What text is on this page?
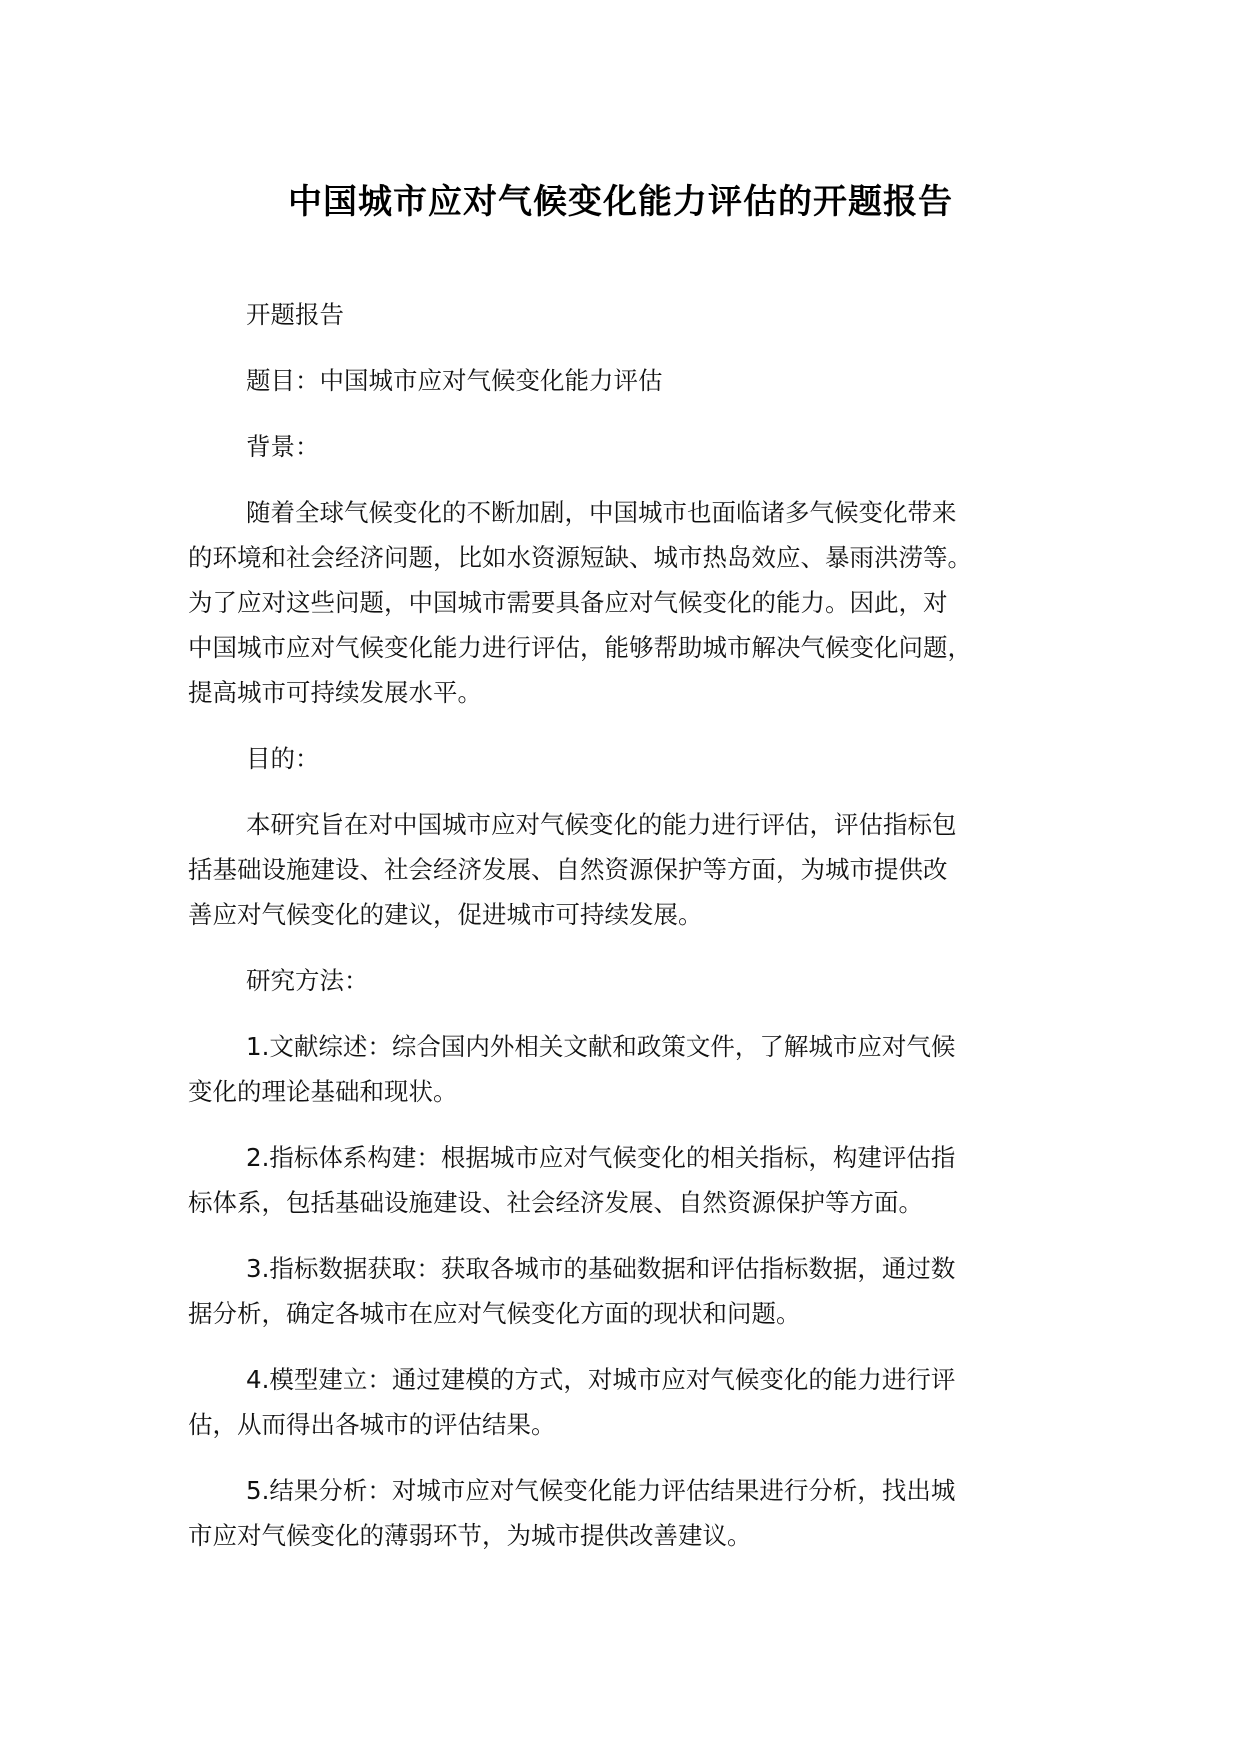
中国城市应对气候变化能力评估的开题报告

开题报告

题目：中国城市应对气候变化能力评估

背景：

随着全球气候变化的不断加剧，中国城市也面临诸多气候变化带来
的环境和社会经济问题，比如水资源短缺、城市热岛效应、暴雨洪涝等。
为了应对这些问题，中国城市需要具备应对气候变化的能力。因此，对
中国城市应对气候变化能力进行评估，能够帮助城市解决气候变化问题，
提高城市可持续发展水平。

目的：

本研究旨在对中国城市应对气候变化的能力进行评估，评估指标包
括基础设施建设、社会经济发展、自然资源保护等方面，为城市提供改
善应对气候变化的建议，促进城市可持续发展。

研究方法：

1.文献综述：综合国内外相关文献和政策文件，了解城市应对气候
变化的理论基础和现状。

2.指标体系构建：根据城市应对气候变化的相关指标，构建评估指
标体系，包括基础设施建设、社会经济发展、自然资源保护等方面。

3.指标数据获取：获取各城市的基础数据和评估指标数据，通过数
据分析，确定各城市在应对气候变化方面的现状和问题。

4.模型建立：通过建模的方式，对城市应对气候变化的能力进行评
估，从而得出各城市的评估结果。

5.结果分析：对城市应对气候变化能力评估结果进行分析，找出城
市应对气候变化的薄弱环节，为城市提供改善建议。
